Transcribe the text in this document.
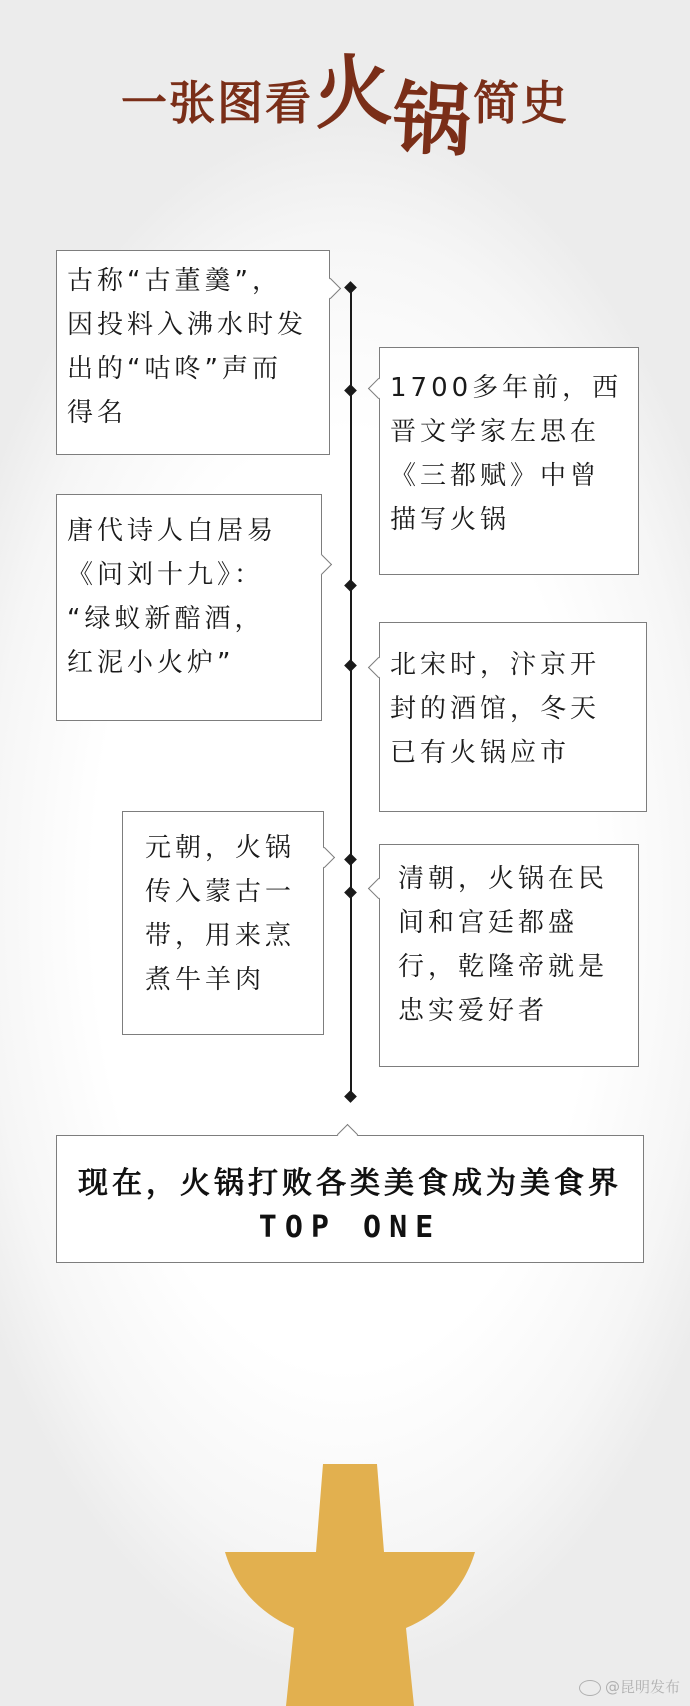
一张图看火锅简史
古称“古董羹”，
因投料入沸水时发
出的“咕咚”声而
得名
1700多年前，西
晋文学家左思在
《三都赋》中曾
描写火锅
唐代诗人白居易
《问刘十九》：
“绿蚁新醅酒，
红泥小火炉”	北宋时，汴京开
封的酒馆，冬天
已有火锅应市
元朝，火锅
传入蒙古一
带，用来烹
煮牛羊肉
清朝，火锅在民
间和宫廷都盛
行，乾隆帝就是
忠实爱好者
现在，火锅打败各类美食成为美食界
TOP ONE
@昆明发布
